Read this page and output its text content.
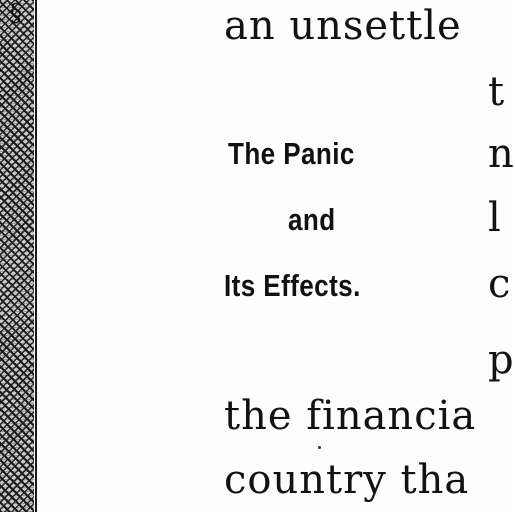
§	an unsettle
t
n
l
c
p
the financia
country tha
The Panic
and
Its Effects.
